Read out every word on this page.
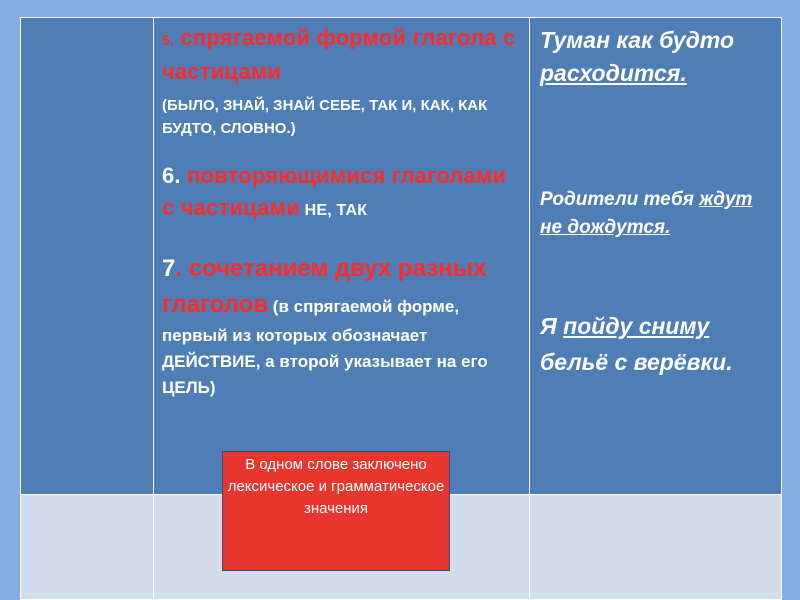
5. спрягаемой формой глагола с частицами
(БЫЛО, ЗНАЙ, ЗНАЙ СЕБЕ, ТАК И, КАК, КАК БУДТО, СЛОВНО.)
6. повторяющимися глаголами с частицами НЕ, ТАК
7. сочетанием двух разных глаголов (в спрягаемой форме, первый из которых обозначает ДЕЙСТВИЕ, а второй указывает на его ЦЕЛЬ)
Туман как будто расходится.
Родители тебя ждут не дождутся.
Я пойду сниму бельё с верёвки.
В одном слове заключено лексическое и грамматическое значения
